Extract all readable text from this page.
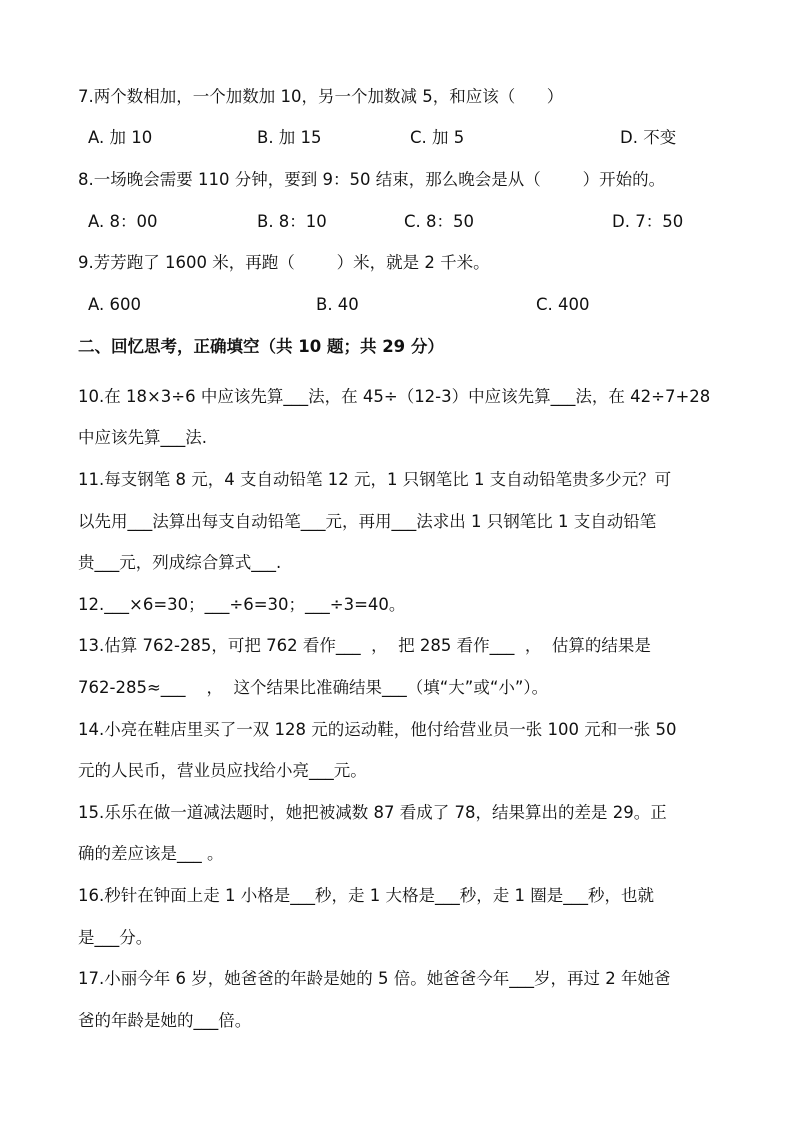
7.两个数相加，一个加数加 10，另一个加数减 5，和应该（      ）
A. 加 10	B. 加 15	C. 加 5	D. 不变
8.一场晚会需要 110 分钟，要到 9：50 结束，那么晚会是从（        ）开始的。
A. 8：00	B. 8：10	C. 8：50	D. 7：50
9.芳芳跑了 1600 米，再跑（        ）米，就是 2 千米。
A. 600	B. 40	C. 400
二、回忆思考，正确填空（共 10 题；共 29 分）
10.在 18×3÷6 中应该先算___法，在 45÷（12-3）中应该先算___法，在 42÷7+28
中应该先算___法.
11.每支钢笔 8 元，4 支自动铅笔 12 元，1 只钢笔比 1 支自动铅笔贵多少元？可
以先用___法算出每支自动铅笔___元，再用___法求出 1 只钢笔比 1 支自动铅笔
贵___元，列成综合算式___.
12.___×6=30；___÷6=30；___÷3=40。
13.估算 762-285，可把 762 看作___  ，  把 285 看作___  ，  估算的结果是
762-285≈___    ，  这个结果比准确结果___（填“大”或“小”）。
14.小亮在鞋店里买了一双 128 元的运动鞋，他付给营业员一张 100 元和一张 50
元的人民币，营业员应找给小亮___元。
15.乐乐在做一道减法题时，她把被减数 87 看成了 78，结果算出的差是 29。正
确的差应该是___ 。
16.秒针在钟面上走 1 小格是___秒，走 1 大格是___秒，走 1 圈是___秒，也就
是___分。
17.小丽今年 6 岁，她爸爸的年龄是她的 5 倍。她爸爸今年___岁，再过 2 年她爸
爸的年龄是她的___倍。
